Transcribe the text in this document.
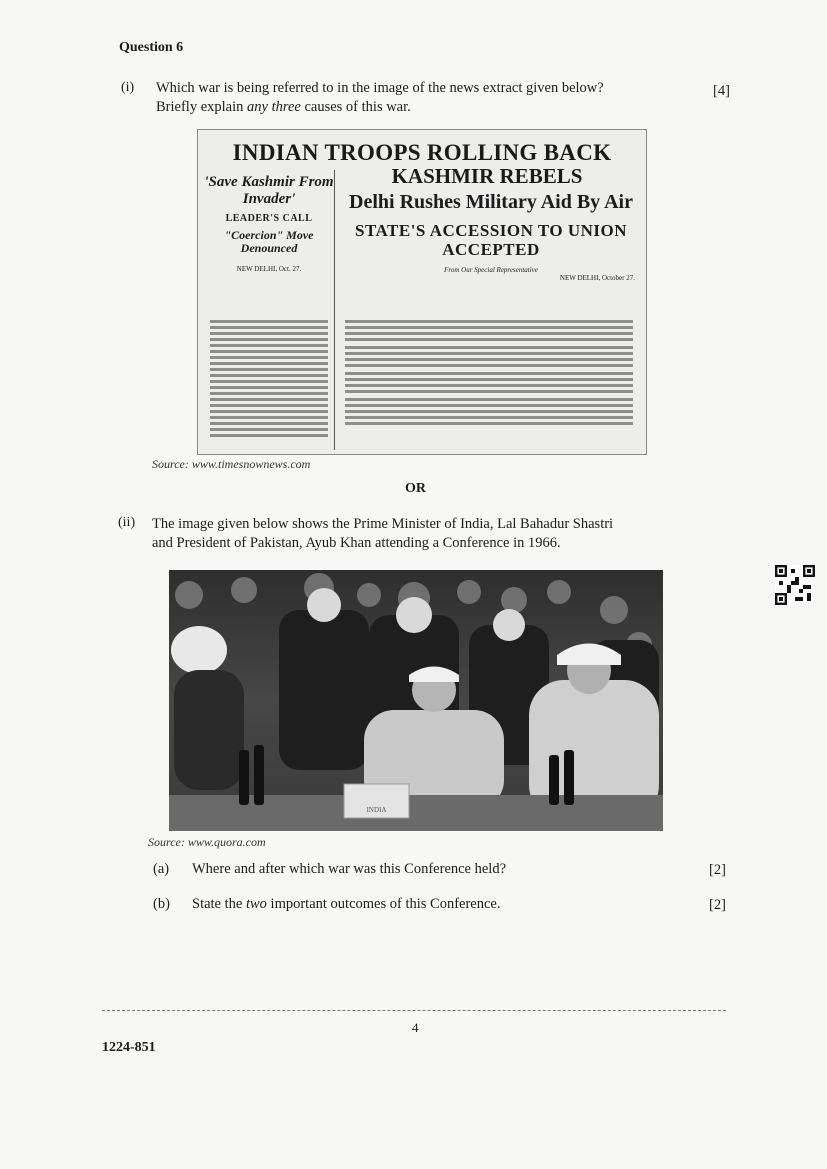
Question 6
(i) Which war is being referred to in the image of the news extract given below?
Briefly explain any three causes of this war.
[4]
INDIAN TROOPS ROLLING BACK
KASHMIR REBELS
'Save Kashmir From Invader'
LEADER'S CALL
"Coercion" Move Denounced
NEW DELHI, Oct. 27.
Delhi Rushes Military Aid By Air
STATE'S ACCESSION TO UNION ACCEPTED
From Our Special Representative
NEW DELHI, October 27.
Source: www.timesnownews.com
OR
(ii) The image given below shows the Prime Minister of India, Lal Bahadur Shastri
and President of Pakistan, Ayub Khan attending a Conference in 1966.
INDIA
Source: www.quora.com
(a) Where and after which war was this Conference held?	[2]
(b) State the two important outcomes of this Conference.	[2]
4
1224-851
